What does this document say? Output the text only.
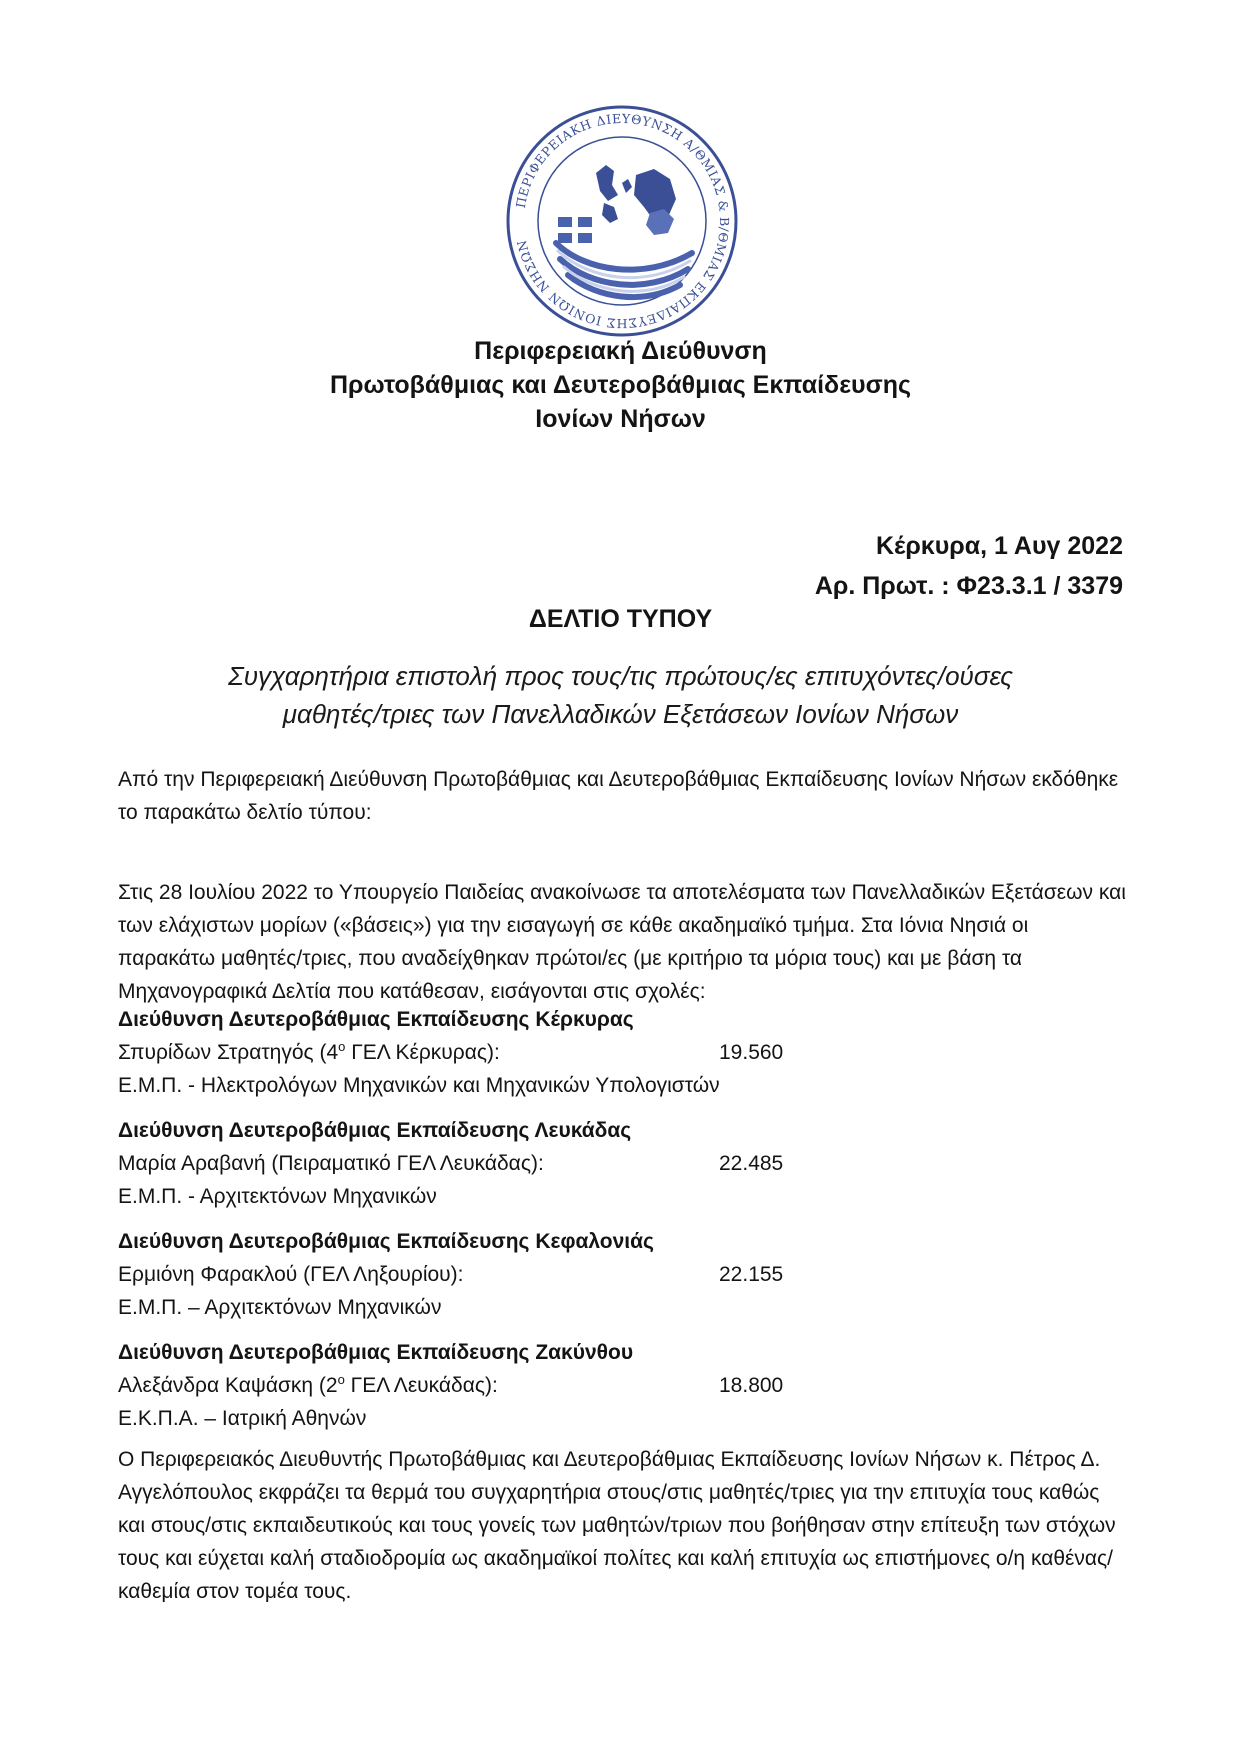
ΠΕΡΙΦΕΡΕΙΑΚΗ ΔΙΕΥΘΥΝΣΗ Α/ΘΜΙΑΣ & Β/ΘΜΙΑΣ ΕΚΠΑΙΔΕΥΣΗΣ ΙΟΝΙΩΝ ΝΗΣΩΝ
Περιφερειακή Διεύθυνση
Πρωτοβάθμιας και Δευτεροβάθμιας Εκπαίδευσης
Ιονίων Νήσων
Κέρκυρα, 1 Αυγ 2022
Αρ. Πρωτ. : Φ23.3.1 / 3379
ΔΕΛΤΙΟ ΤΥΠΟΥ
Συγχαρητήρια επιστολή προς τους/τις πρώτους/ες επιτυχόντες/ούσες
μαθητές/τριες των Πανελλαδικών Εξετάσεων Ιονίων Νήσων
Από την Περιφερειακή Διεύθυνση Πρωτοβάθμιας και Δευτεροβάθμιας Εκπαίδευσης Ιονίων Νήσων εκδόθηκε το παρακάτω δελτίο τύπου:
Στις 28 Ιουλίου 2022 το Υπουργείο Παιδείας ανακοίνωσε τα αποτελέσματα των Πανελλαδικών Εξετάσεων και των ελάχιστων μορίων («βάσεις») για την εισαγωγή σε κάθε ακαδημαϊκό τμήμα. Στα Ιόνια Νησιά οι παρακάτω μαθητές/τριες, που αναδείχθηκαν πρώτοι/ες (με κριτήριο τα μόρια τους) και με βάση τα Μηχανογραφικά Δελτία που κατάθεσαν, εισάγονται στις σχολές:
Διεύθυνση Δευτεροβάθμιας Εκπαίδευσης Κέρκυρας
Σπυρίδων Στρατηγός ($4^o$ ΓΕΛ Κέρκυρας):	19.560
Ε.Μ.Π. - Ηλεκτρολόγων Μηχανικών και Μηχανικών Υπολογιστών
Διεύθυνση Δευτεροβάθμιας Εκπαίδευσης Λευκάδας
Μαρία Αραβανή (Πειραματικό ΓΕΛ Λευκάδας):	22.485
Ε.Μ.Π. - Αρχιτεκτόνων Μηχανικών
Διεύθυνση Δευτεροβάθμιας Εκπαίδευσης Κεφαλονιάς
Ερμιόνη Φαρακλού (ΓΕΛ Ληξουρίου):	22.155
Ε.Μ.Π. – Αρχιτεκτόνων Μηχανικών
Διεύθυνση Δευτεροβάθμιας Εκπαίδευσης Ζακύνθου
Αλεξάνδρα Καψάσκη ($2^o$ ΓΕΛ Λευκάδας):	18.800
Ε.Κ.Π.Α. – Ιατρική Αθηνών
Ο Περιφερειακός Διευθυντής Πρωτοβάθμιας και Δευτεροβάθμιας Εκπαίδευσης Ιονίων Νήσων κ. Πέτρος Δ. Αγγελόπουλος εκφράζει τα θερμά του συγχαρητήρια στους/στις μαθητές/τριες για την επιτυχία τους καθώς και στους/στις εκπαιδευτικούς και τους γονείς των μαθητών/τριων που βοήθησαν στην επίτευξη των στόχων τους και εύχεται καλή σταδιοδρομία ως ακαδημαϊκοί πολίτες και καλή επιτυχία ως επιστήμονες ο/η καθένας/καθεμία στον τομέα τους.
